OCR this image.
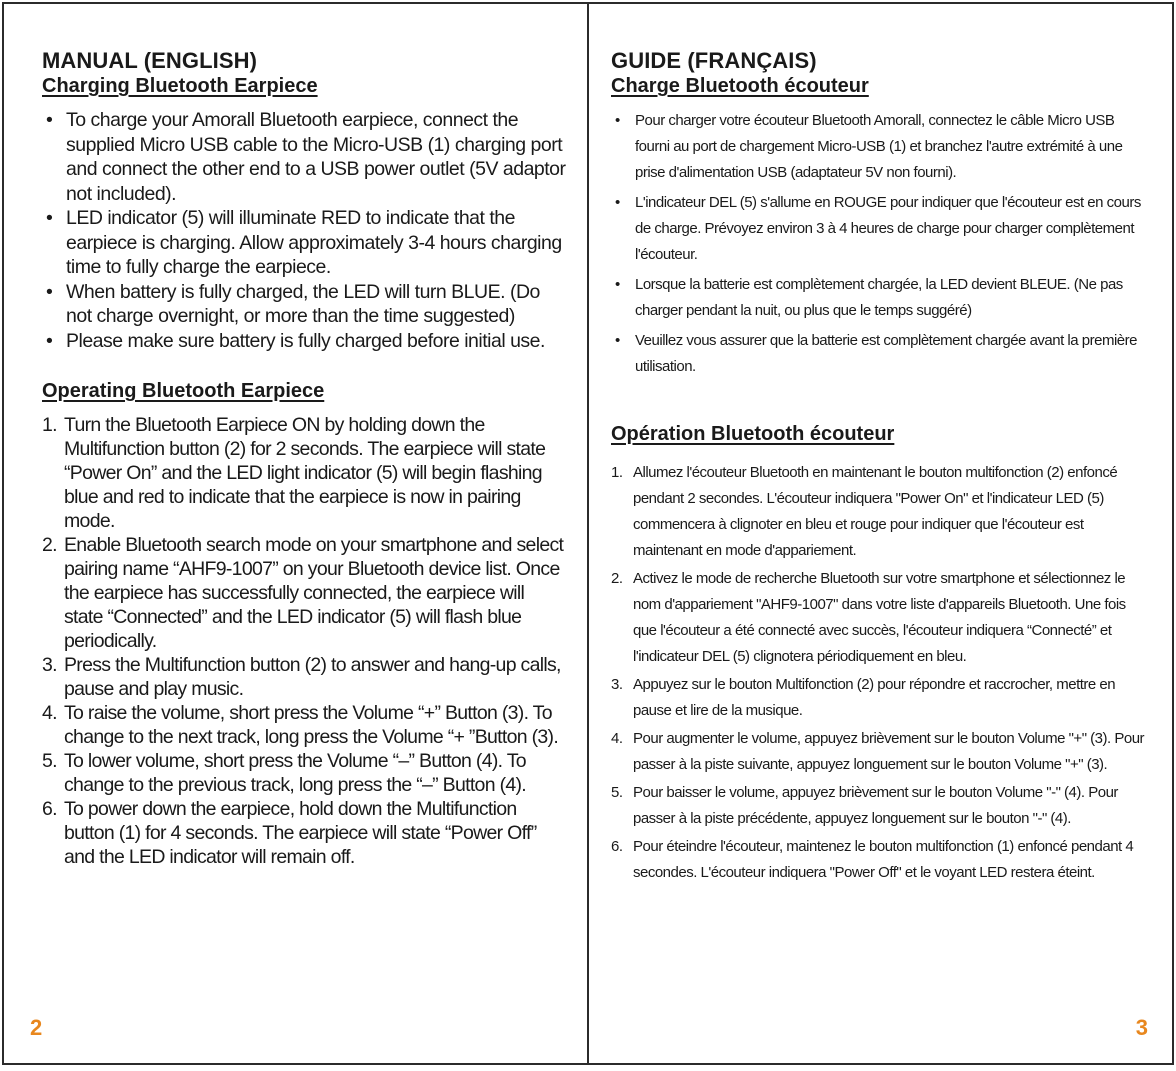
MANUAL (ENGLISH)
Charging Bluetooth Earpiece
• To charge your Amorall Bluetooth earpiece, connect the supplied Micro USB cable to the Micro-USB (1) charging port and connect the other end to a USB power outlet (5V adaptor not included).
• LED indicator (5) will illuminate RED to indicate that the earpiece is charging. Allow approximately 3-4 hours charging time to fully charge the earpiece.
• When battery is fully charged, the LED will turn BLUE. (Do not charge overnight, or more than the time suggested)
• Please make sure battery is fully charged before initial use.
Operating Bluetooth Earpiece
1. Turn the Bluetooth Earpiece ON by holding down the Multifunction button (2) for 2 seconds. The earpiece will state “Power On” and the LED light indicator (5) will begin flashing blue and red to indicate that the earpiece is now in pairing mode.
2. Enable Bluetooth search mode on your smartphone and select pairing name “AHF9-1007” on your Bluetooth device list. Once the earpiece has successfully connected, the earpiece will state “Connected” and the LED indicator (5) will flash blue periodically.
3. Press the Multifunction button (2) to answer and hang-up calls, pause and play music.
4. To raise the volume, short press the Volume “+” Button (3). To change to the next track, long press the Volume “+ ”Button (3).
5. To lower volume, short press the Volume “–” Button (4). To change to the previous track, long press the “–” Button (4).
6. To power down the earpiece, hold down the Multifunction button (1) for 4 seconds. The earpiece will state “Power Off” and the LED indicator will remain off.
2
GUIDE (FRANÇAIS)
Charge Bluetooth écouteur
• Pour charger votre écouteur Bluetooth Amorall, connectez le câble Micro USB fourni au port de chargement Micro-USB (1) et branchez l'autre extrémité à une prise d'alimentation USB (adaptateur 5V non fourni).
• L'indicateur DEL (5) s'allume en ROUGE pour indiquer que l'écouteur est en cours de charge. Prévoyez environ 3 à 4 heures de charge pour charger complètement l'écouteur.
• Lorsque la batterie est complètement chargée, la LED devient BLEUE. (Ne pas charger pendant la nuit, ou plus que le temps suggéré)
• Veuillez vous assurer que la batterie est complètement chargée avant la première utilisation.
Opération Bluetooth écouteur
1. Allumez l'écouteur Bluetooth en maintenant le bouton multifonction (2) enfoncé pendant 2 secondes. L'écouteur indiquera "Power On" et l'indicateur LED (5) commencera à clignoter en bleu et rouge pour indiquer que l'écouteur est maintenant en mode d'appariement.
2. Activez le mode de recherche Bluetooth sur votre smartphone et sélectionnez le nom d'appariement "AHF9-1007" dans votre liste d'appareils Bluetooth. Une fois que l'écouteur a été connecté avec succès, l'écouteur indiquera “Connecté” et l'indicateur DEL (5) clignotera périodiquement en bleu.
3. Appuyez sur le bouton Multifonction (2) pour répondre et raccrocher, mettre en pause et lire de la musique.
4. Pour augmenter le volume, appuyez brièvement sur le bouton Volume "+" (3). Pour passer à la piste suivante, appuyez longuement sur le bouton Volume "+" (3).
5. Pour baisser le volume, appuyez brièvement sur le bouton Volume "-" (4). Pour passer à la piste précédente, appuyez longuement sur le bouton "-" (4).
6. Pour éteindre l'écouteur, maintenez le bouton multifonction (1) enfoncé pendant 4 secondes. L'écouteur indiquera "Power Off" et le voyant LED restera éteint.
3
